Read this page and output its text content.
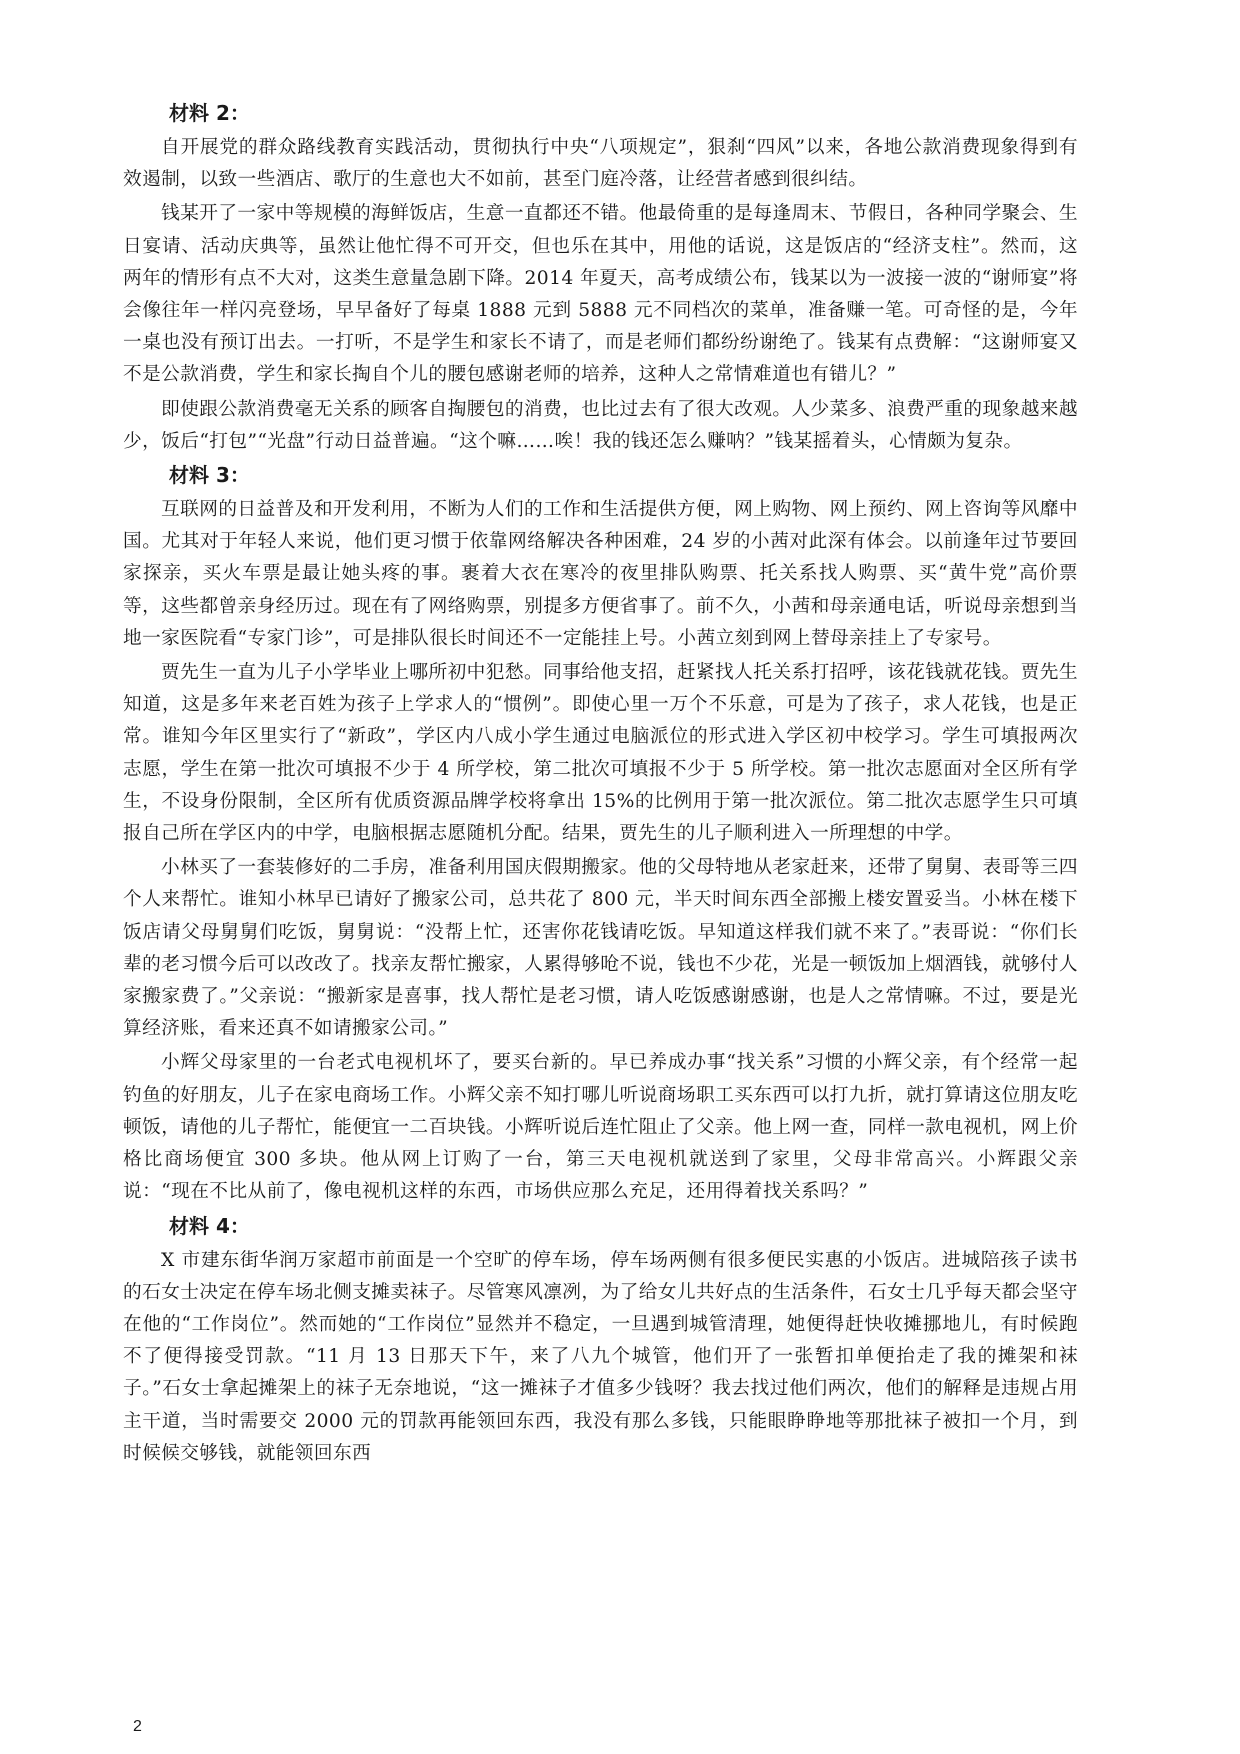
材料 2：

自开展党的群众路线教育实践活动，贯彻执行中央“八项规定”，狠刹“四风”以来，各地公款消费现象得到有效遏制，以致一些酒店、歌厅的生意也大不如前，甚至门庭冷落，让经营者感到很纠结。

钱某开了一家中等规模的海鲜饭店，生意一直都还不错。他最倚重的是每逢周末、节假日，各种同学聚会、生日宴请、活动庆典等，虽然让他忙得不可开交，但也乐在其中，用他的话说，这是饭店的“经济支柱”。然而，这两年的情形有点不大对，这类生意量急剧下降。2014 年夏天，高考成绩公布，钱某以为一波接一波的“谢师宴”将会像往年一样闪亮登场，早早备好了每桌 1888 元到 5888 元不同档次的菜单，准备赚一笔。可奇怪的是，今年一桌也没有预订出去。一打听，不是学生和家长不请了，而是老师们都纷纷谢绝了。钱某有点费解：“这谢师宴又不是公款消费，学生和家长掏自个儿的腰包感谢老师的培养，这种人之常情难道也有错儿？”

即使跟公款消费毫无关系的顾客自掏腰包的消费，也比过去有了很大改观。人少菜多、浪费严重的现象越来越少，饭后“打包”“光盘”行动日益普遍。“这个嘛……唉！我的钱还怎么赚呐？”钱某摇着头，心情颇为复杂。

材料 3：

互联网的日益普及和开发利用，不断为人们的工作和生活提供方便，网上购物、网上预约、网上咨询等风靡中国。尤其对于年轻人来说，他们更习惯于依靠网络解决各种困难，24 岁的小茜对此深有体会。以前逢年过节要回家探亲，买火车票是最让她头疼的事。裹着大衣在寒冷的夜里排队购票、托关系找人购票、买“黄牛党”高价票等，这些都曾亲身经历过。现在有了网络购票，别提多方便省事了。前不久，小茜和母亲通电话，听说母亲想到当地一家医院看“专家门诊”，可是排队很长时间还不一定能挂上号。小茜立刻到网上替母亲挂上了专家号。

贾先生一直为儿子小学毕业上哪所初中犯愁。同事给他支招，赶紧找人托关系打招呼，该花钱就花钱。贾先生知道，这是多年来老百姓为孩子上学求人的“惯例”。即使心里一万个不乐意，可是为了孩子，求人花钱，也是正常。谁知今年区里实行了“新政”，学区内八成小学生通过电脑派位的形式进入学区初中校学习。学生可填报两次志愿，学生在第一批次可填报不少于 4 所学校，第二批次可填报不少于 5 所学校。第一批次志愿面对全区所有学生，不设身份限制，全区所有优质资源品牌学校将拿出 15%的比例用于第一批次派位。第二批次志愿学生只可填报自己所在学区内的中学，电脑根据志愿随机分配。结果，贾先生的儿子顺利进入一所理想的中学。

小林买了一套装修好的二手房，准备利用国庆假期搬家。他的父母特地从老家赶来，还带了舅舅、表哥等三四个人来帮忙。谁知小林早已请好了搬家公司，总共花了 800 元，半天时间东西全部搬上楼安置妥当。小林在楼下饭店请父母舅舅们吃饭，舅舅说：“没帮上忙，还害你花钱请吃饭。早知道这样我们就不来了。”表哥说：“你们长辈的老习惯今后可以改改了。找亲友帮忙搬家，人累得够呛不说，钱也不少花，光是一顿饭加上烟酒钱，就够付人家搬家费了。”父亲说：“搬新家是喜事，找人帮忙是老习惯，请人吃饭感谢感谢，也是人之常情嘛。不过，要是光算经济账，看来还真不如请搬家公司。”

小辉父母家里的一台老式电视机坏了，要买台新的。早已养成办事“找关系”习惯的小辉父亲，有个经常一起钓鱼的好朋友，儿子在家电商场工作。小辉父亲不知打哪儿听说商场职工买东西可以打九折，就打算请这位朋友吃顿饭，请他的儿子帮忙，能便宜一二百块钱。小辉听说后连忙阻止了父亲。他上网一查，同样一款电视机，网上价格比商场便宜 300 多块。他从网上订购了一台，第三天电视机就送到了家里，父母非常高兴。小辉跟父亲说：“现在不比从前了，像电视机这样的东西，市场供应那么充足，还用得着找关系吗？”

材料 4：

X 市建东街华润万家超市前面是一个空旷的停车场，停车场两侧有很多便民实惠的小饭店。进城陪孩子读书的石女士决定在停车场北侧支摊卖袜子。尽管寒风凛冽，为了给女儿共好点的生活条件，石女士几乎每天都会坚守在他的“工作岗位”。然而她的“工作岗位”显然并不稳定，一旦遇到城管清理，她便得赶快收摊挪地儿，有时候跑不了便得接受罚款。“11 月 13 日那天下午，来了八九个城管，他们开了一张暂扣单便抬走了我的摊架和袜子。”石女士拿起摊架上的袜子无奈地说，“这一摊袜子才值多少钱呀？我去找过他们两次，他们的解释是违规占用主干道，当时需要交 2000 元的罚款再能领回东西，我没有那么多钱，只能眼睁睁地等那批袜子被扣一个月，到时候候交够钱，就能领回东西

2
